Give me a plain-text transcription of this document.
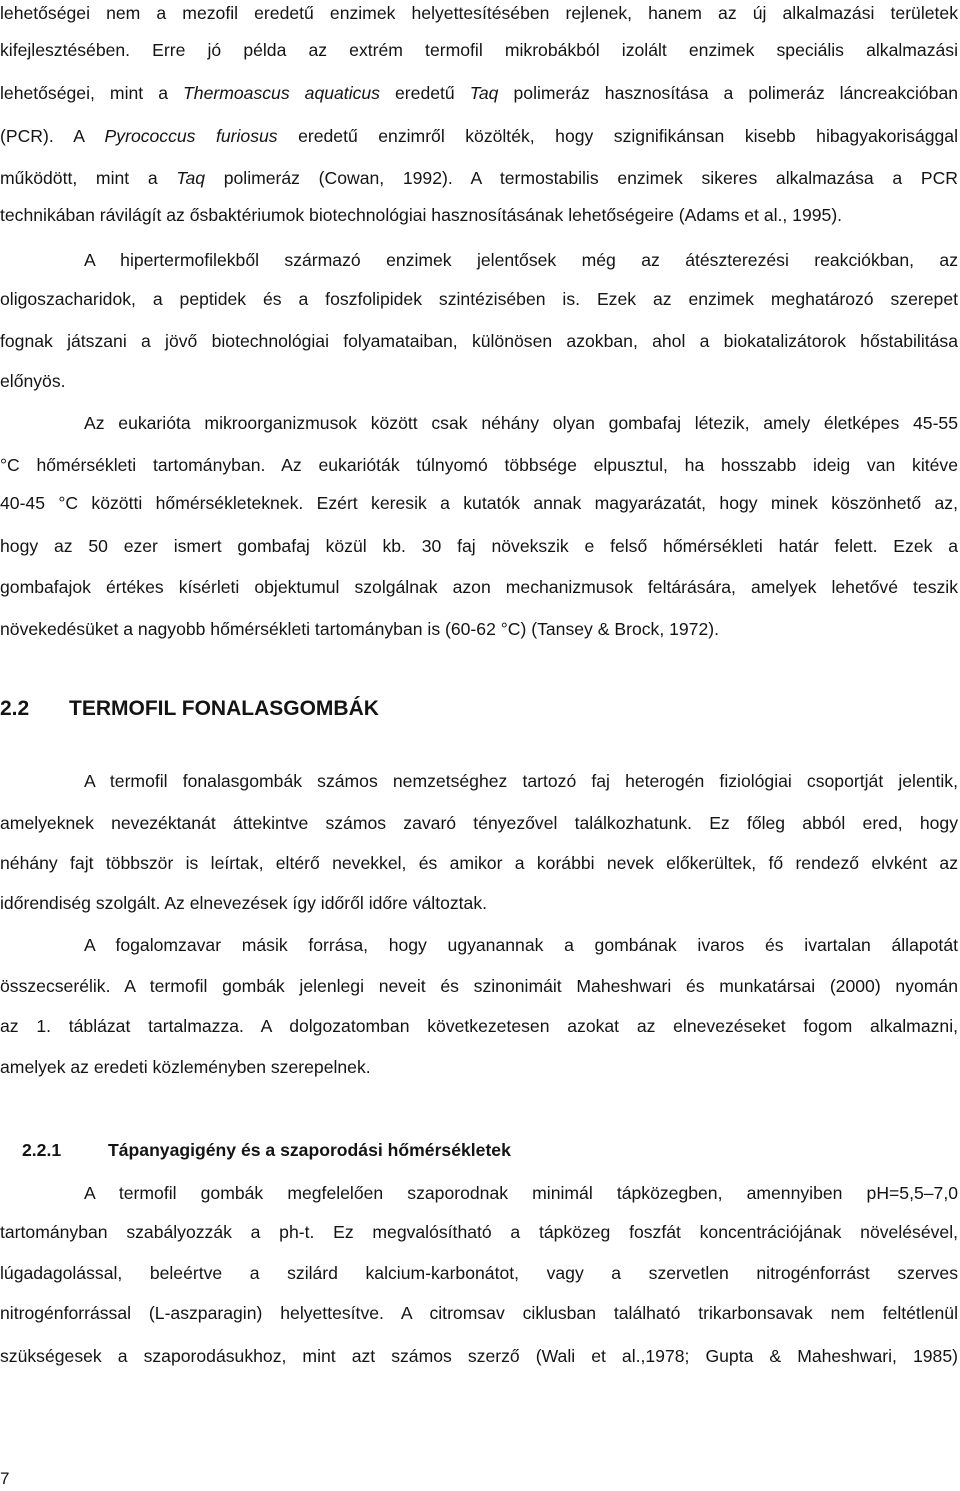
lehetőségei nem a mezofil eredetű enzimek helyettesítésében rejlenek, hanem az új alkalmazási területek
kifejlesztésében. Erre jó példa az extrém termofil mikrobákból izolált enzimek speciális alkalmazási
lehetőségei, mint a Thermoascus aquaticus eredetű Taq polimeráz hasznosítása a polimeráz láncreakcióban
(PCR). A Pyrococcus furiosus eredetű enzimről közölték, hogy szignifikánsan kisebb hibagyakorisággal
működött, mint a Taq polimeráz (Cowan, 1992). A termostabilis enzimek sikeres alkalmazása a PCR
technikában rávilágít az ősbaktériumok biotechnológiai hasznosításának lehetőségeire (Adams et al., 1995).
A hipertermofilekből származó enzimek jelentősek még az átészterezési reakciókban, az
oligoszacharidok, a peptidek és a foszfolipidek szintézisében is. Ezek az enzimek meghatározó szerepet
fognak játszani a jövő biotechnológiai folyamataiban, különösen azokban, ahol a biokatalizátorok hőstabilitása
előnyös.
Az eukarióta mikroorganizmusok között csak néhány olyan gombafaj létezik, amely életképes 45-55
°C hőmérsékleti tartományban. Az eukarióták túlnyomó többsége elpusztul, ha hosszabb ideig van kitéve
40-45 °C közötti hőmérsékleteknek. Ezért keresik a kutatók annak magyarázatát, hogy minek köszönhető az,
hogy az 50 ezer ismert gombafaj közül kb. 30 faj növekszik e felső hőmérsékleti határ felett. Ezek a
gombafajok értékes kísérleti objektumul szolgálnak azon mechanizmusok feltárására, amelyek lehetővé teszik
növekedésüket a nagyobb hőmérsékleti tartományban is (60-62 °C) (Tansey & Brock, 1972).
2.2 TERMOFIL FONALASGOMBÁK
A termofil fonalasgombák számos nemzetséghez tartozó faj heterogén fiziológiai csoportját jelentik,
amelyeknek nevezéktanát áttekintve számos zavaró tényezővel találkozhatunk. Ez főleg abból ered, hogy
néhány fajt többször is leírtak, eltérő nevekkel, és amikor a korábbi nevek előkerültek, fő rendező elvként az
időrendiség szolgált. Az elnevezések így időről időre változtak.
A fogalomzavar másik forrása, hogy ugyanannak a gombának ivaros és ivartalan állapotát
összecserélik. A termofil gombák jelenlegi neveit és szinonimáit Maheshwari és munkatársai (2000) nyomán
az 1. táblázat tartalmazza. A dolgozatomban következetesen azokat az elnevezéseket fogom alkalmazni,
amelyek az eredeti közleményben szerepelnek.
2.2.1	Tápanyagigény és a szaporodási hőmérsékletek
A termofil gombák megfelelően szaporodnak minimál tápközegben, amennyiben pH=5,5–7,0
tartományban szabályozzák a ph-t. Ez megvalósítható a tápközeg foszfát koncentrációjának növelésével,
lúgadagolással, beleértve a szilárd kalcium-karbonátot, vagy a szervetlen nitrogénforrást szerves
nitrogénforrással (L-aszparagin) helyettesítve. A citromsav ciklusban található trikarbonsavak nem feltétlenül
szükségesek a szaporodásukhoz, mint azt számos szerző (Wali et al.,1978; Gupta & Maheshwari, 1985)
7
